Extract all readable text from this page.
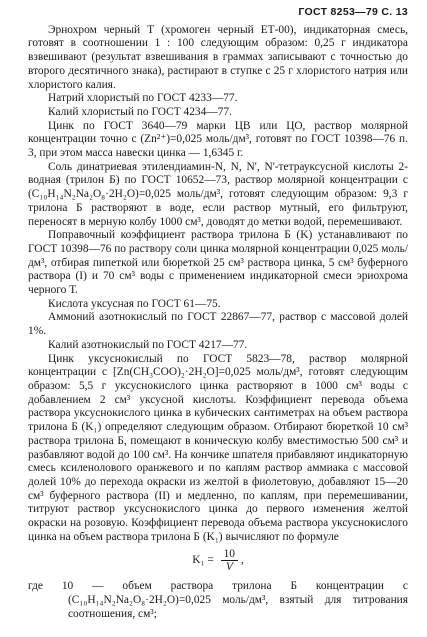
ГОСТ 8253—79 С. 13

Эрнохром черный Т (хромоген черный ЕТ-00), индикаторная смесь, готовят в соотношении 1 : 100 следующим образом: 0,25 г индикатора взвешивают (результат взвешивания в граммах записывают с точностью до второго десятичного знака), растирают в ступке с 25 г хлористого натрия или хлористого калия.

Натрий хлористый по ГОСТ 4233—77.

Калий хлористый по ГОСТ 4234—77.

Цинк по ГОСТ 3640—79 марки ЦВ или ЦО, раствор молярной концентрации точно с (Zn²⁺)=0,025 моль/дм³, готовят по ГОСТ 10398—76 п. 3, при этом масса навески цинка — 1,6345 г.

Соль динатриевая этилендиамин-N, N, N', N'-тетрауксусной кислоты 2-водная (трилон Б) по ГОСТ 10652—73, раствор молярной концентрации с (C₁₀H₁₄N₂Na₂O₈·2H₂O)=0,025 моль/дм³, готовят следующим образом: 9,3 г трилона Б растворяют в воде, если раствор мутный, его фильтруют, переносят в мерную колбу 1000 см³, доводят до метки водой, перемешивают.

Поправочный коэффициент раствора трилона Б (K) устанавливают по ГОСТ 10398—76 по раствору соли цинка молярной концентрации 0,025 моль/дм³, отбирая пипеткой или бюреткой 25 см³ раствора цинка, 5 см³ буферного раствора (I) и 70 см³ воды с применением индикаторной смеси эриохрома черного Т.

Кислота уксусная по ГОСТ 61—75.

Аммоний азотнокислый по ГОСТ 22867—77, раствор с массовой долей 1%.

Калий азотнокислый по ГОСТ 4217—77.

Цинк уксуснокислый по ГОСТ 5823—78, раствор молярной концентрации с [Zn(CH₃COO)₂·2H₂O]=0,025 моль/дм³, готовят следующим образом: 5,5 г уксуснокислого цинка растворяют в 1000 см³ воды с добавлением 2 см³ уксусной кислоты. Коэффициент перевода объема раствора уксуснокислого цинка в кубических сантиметрах на объем раствора трилона Б (K₁) определяют следующим образом. Отбирают бюреткой 10 см³ раствора трилона Б, помещают в коническую колбу вместимостью 500 см³ и разбавляют водой до 100 см³. На кончике шпателя прибавляют индикаторную смесь ксиленолового оранжевого и по каплям раствор аммиака с массовой долей 10% до перехода окраски из желтой в фиолетовую, добавляют 15—20 см³ буферного раствора (II) и медленно, по каплям, при перемешивании, титруют раствор уксуснокислого цинка до первого изменения желтой окраски на розовую. Коэффициент перевода объема раствора уксуснокислого цинка на объем раствора трилона Б (K₁) вычисляют по формуле

$K_1 = \frac{10}{V}$ ,

где 10 — объем раствора трилона Б концентрации с (C₁₀H₁₄N₂Na₂O₈·2H₂O)=0,025 моль/дм³, взятый для титрования соотношения, см³;
